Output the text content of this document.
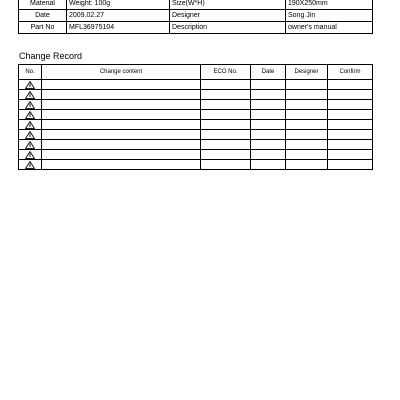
Material	Weight: 100g	Size(W*H)	190X250mm
Date	2009.02.27	Designer	Song Jin
Part No	MFL36975104	Description	owner's manual
Change Record
No.	Change content	ECO No.	Date	Designer	Confirm
